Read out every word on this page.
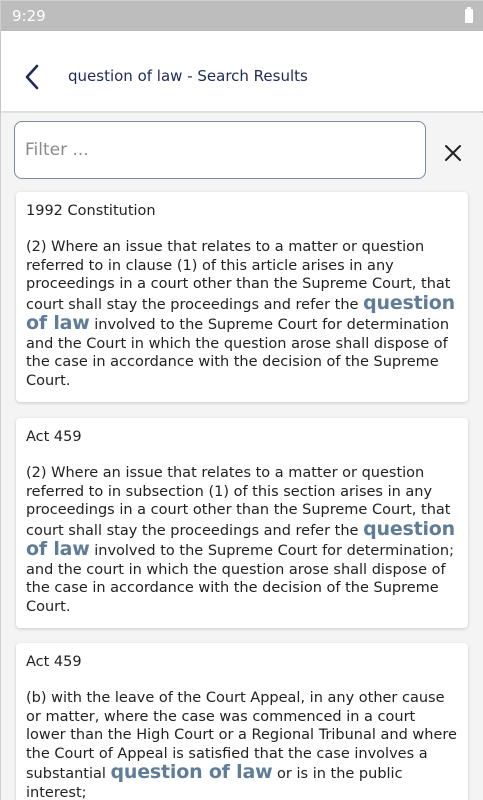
9:29
question of law - Search Results
Filter ...
1992 Constitution
(2) Where an issue that relates to a matter or question referred to in clause (1) of this article arises in any proceedings in a court other than the Supreme Court, that court shall stay the proceedings and refer the question of law involved to the Supreme Court for determination and the Court in which the question arose shall dispose of the case in accordance with the decision of the Supreme Court.
Act 459
(2) Where an issue that relates to a matter or question referred to in subsection (1) of this section arises in any proceedings in a court other than the Supreme Court, that court shall stay the proceedings and refer the question of law involved to the Supreme Court for determination; and the court in which the question arose shall dispose of the case in accordance with the decision of the Supreme Court.
Act 459
(b) with the leave of the Court Appeal, in any other cause or matter, where the case was commenced in a court lower than the High Court or a Regional Tribunal and where the Court of Appeal is satisfied that the case involves a substantial question of law or is in the public interest;
